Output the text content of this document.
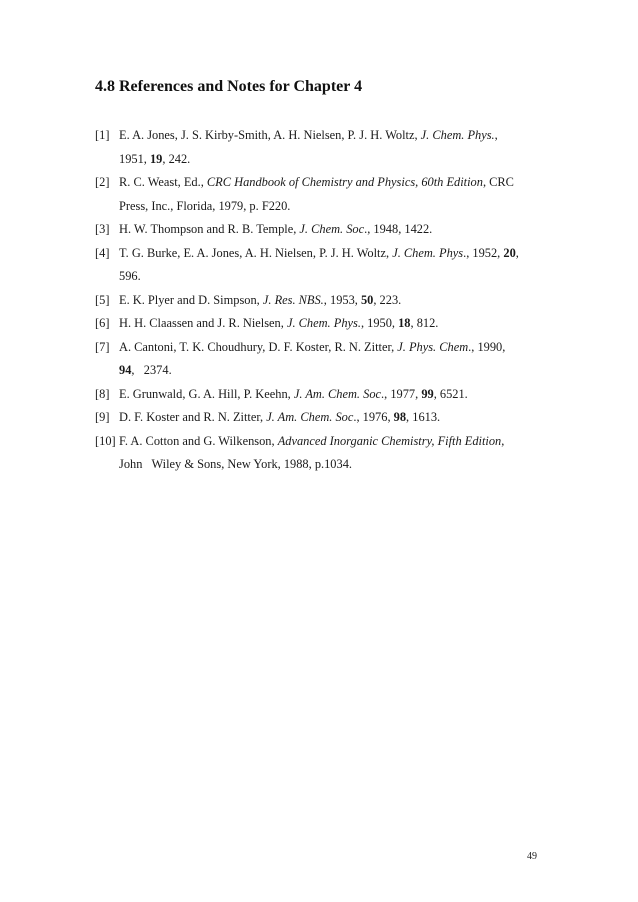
4.8 References and Notes for Chapter 4
[1] E. A. Jones, J. S. Kirby-Smith, A. H. Nielsen, P. J. H. Woltz, J. Chem. Phys.,
1951, 19, 242.
[2] R. C. Weast, Ed., CRC Handbook of Chemistry and Physics, 60th Edition, CRC
Press, Inc., Florida, 1979, p. F220.
[3] H. W. Thompson and R. B. Temple, J. Chem. Soc., 1948, 1422.
[4] T. G. Burke, E. A. Jones, A. H. Nielsen, P. J. H. Woltz, J. Chem. Phys., 1952, 20,
596.
[5] E. K. Plyer and D. Simpson, J. Res. NBS., 1953, 50, 223.
[6] H. H. Claassen and J. R. Nielsen, J. Chem. Phys., 1950, 18, 812.
[7] A. Cantoni, T. K. Choudhury, D. F. Koster, R. N. Zitter, J. Phys. Chem., 1990,
94,   2374.
[8] E. Grunwald, G. A. Hill, P. Keehn, J. Am. Chem. Soc., 1977, 99, 6521.
[9] D. F. Koster and R. N. Zitter, J. Am. Chem. Soc., 1976, 98, 1613.
[10] F. A. Cotton and G. Wilkenson, Advanced Inorganic Chemistry, Fifth Edition,
John   Wiley & Sons, New York, 1988, p.1034.
49
